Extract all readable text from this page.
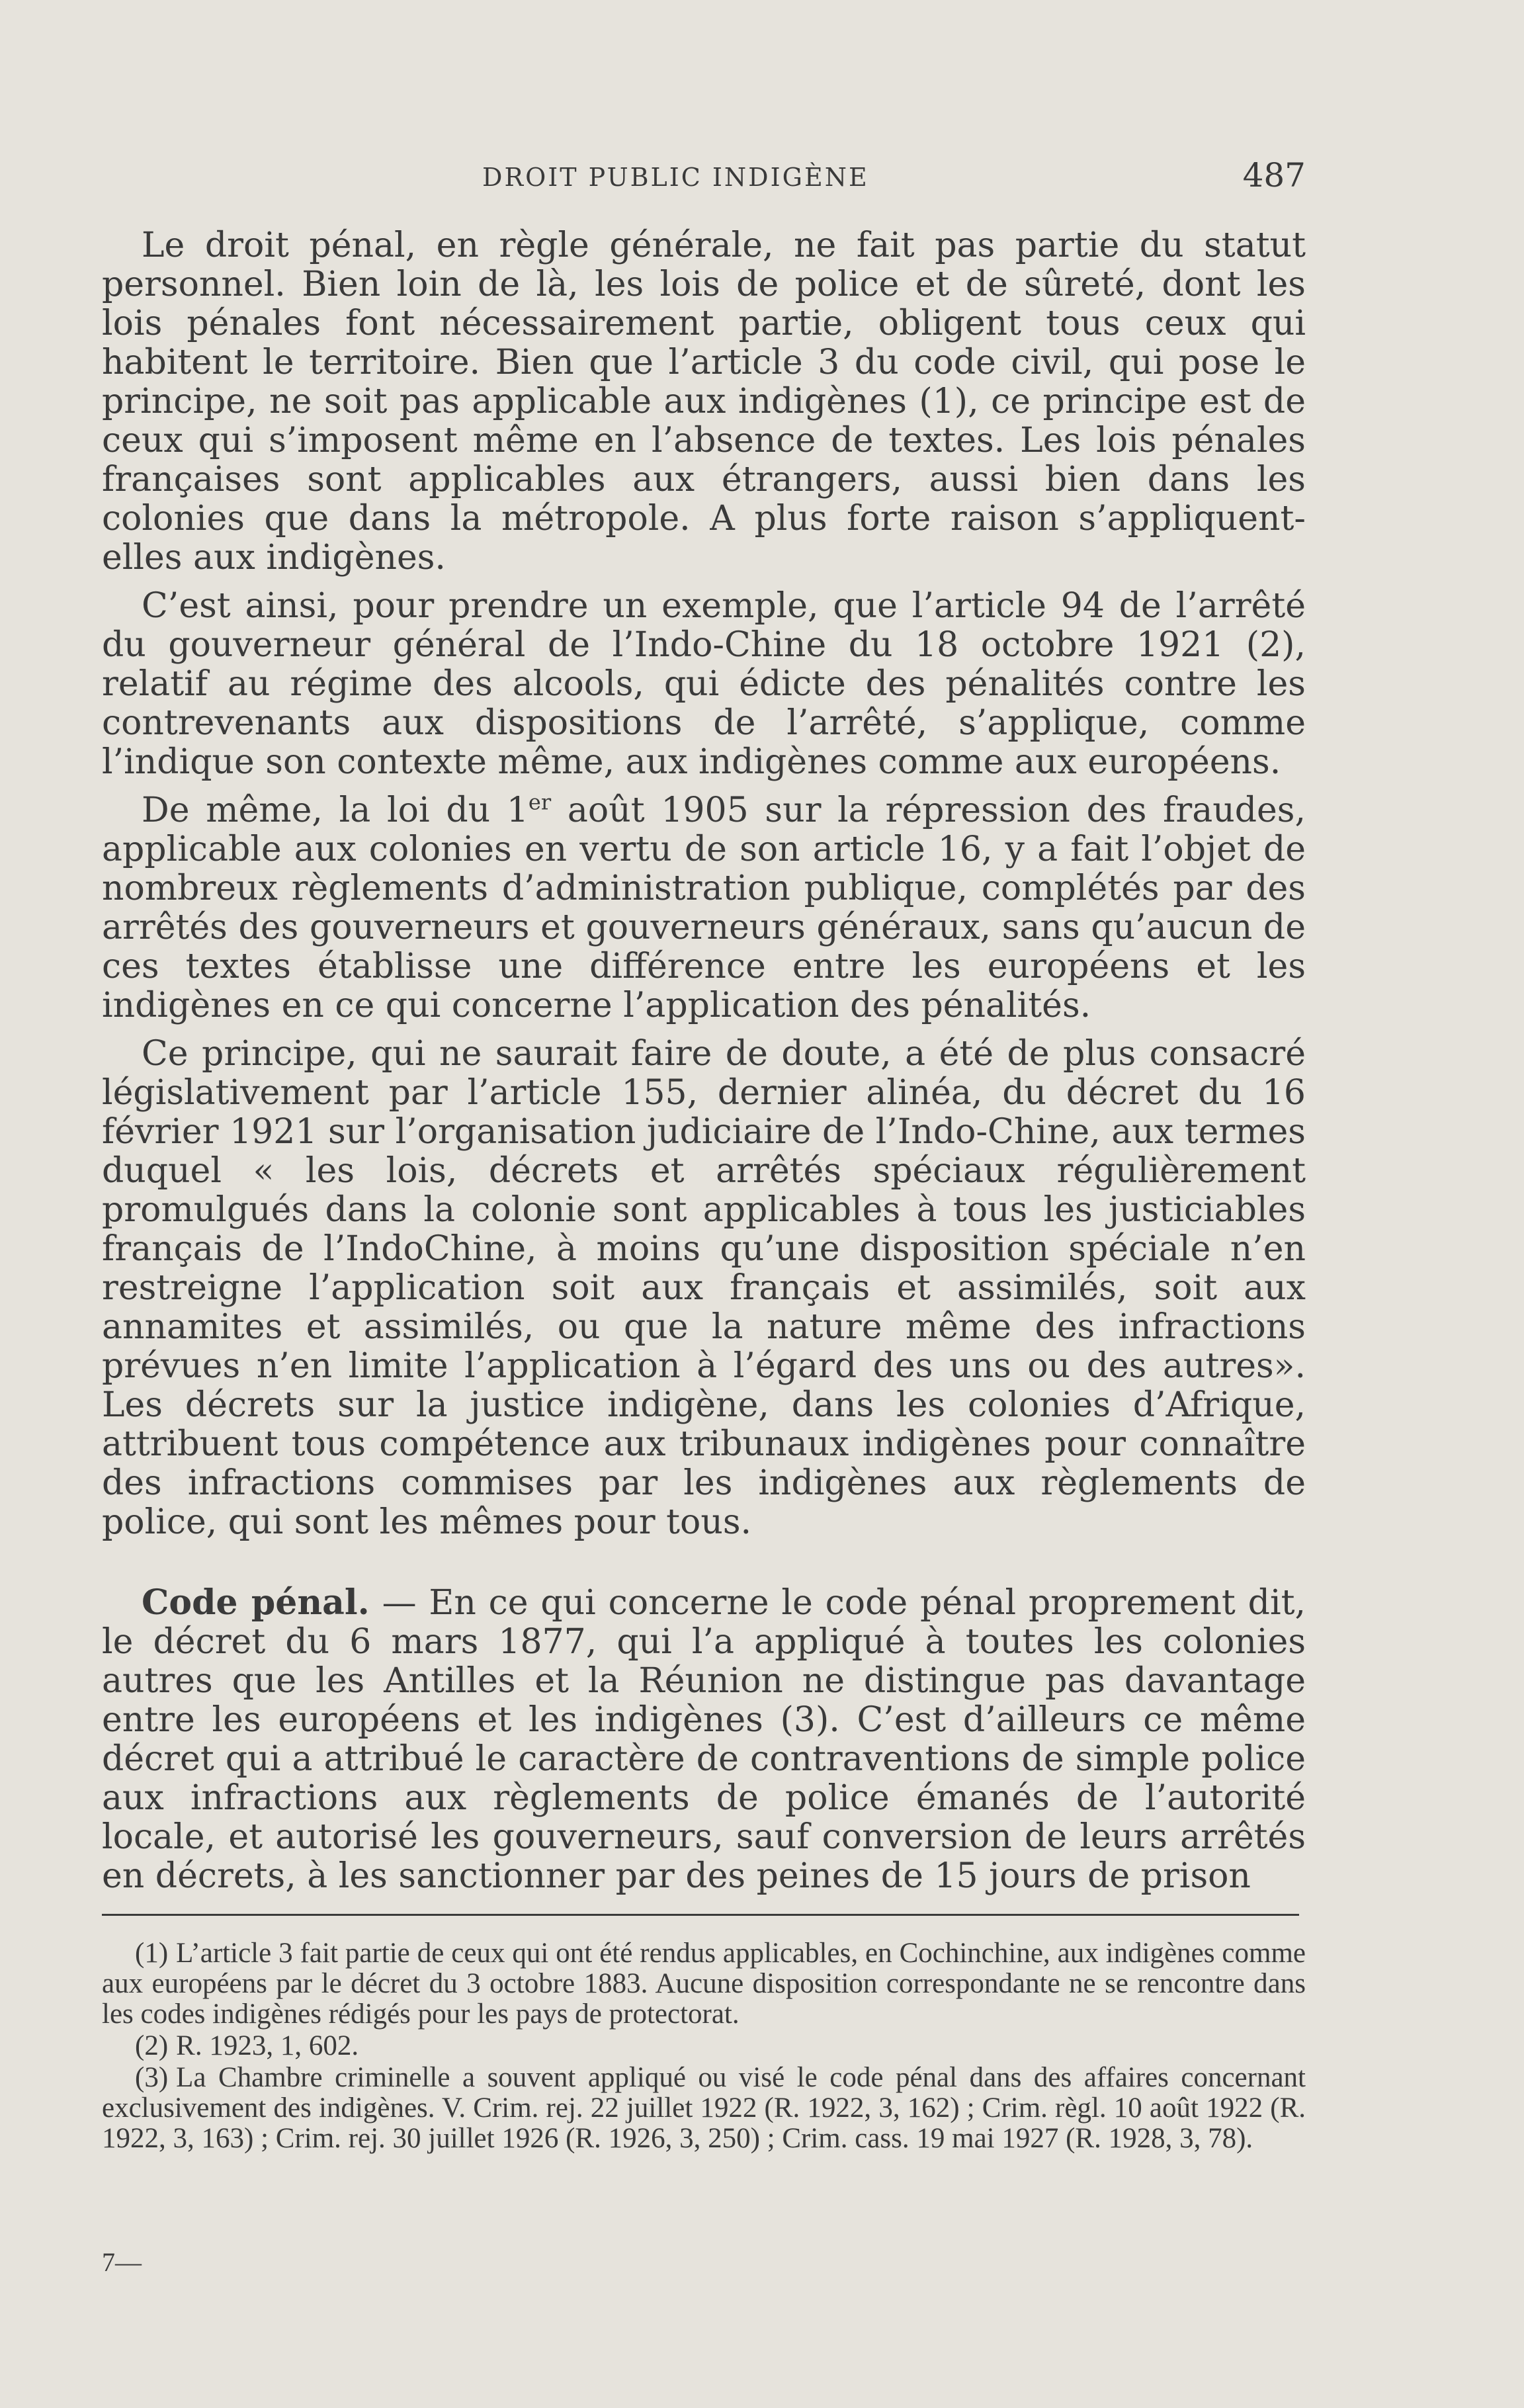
DROIT PUBLIC INDIGÈNE	487

Le droit pénal, en règle générale, ne fait pas partie du statut personnel. Bien loin de là, les lois de police et de sûreté, dont les lois pénales font nécessairement partie, obligent tous ceux qui habitent le territoire. Bien que l’article 3 du code civil, qui pose le principe, ne soit pas applicable aux indigènes (1), ce principe est de ceux qui s’imposent même en l’absence de textes. Les lois pénales françaises sont applicables aux étrangers, aussi bien dans les colonies que dans la métropole. A plus forte raison s’appliquent-elles aux indigènes.

C’est ainsi, pour prendre un exemple, que l’article 94 de l’arrêté du gouverneur général de l’Indo-Chine du 18 octobre 1921 (2), relatif au régime des alcools, qui édicte des pénalités contre les contrevenants aux dispositions de l’arrêté, s’applique, comme l’indique son contexte même, aux indigènes comme aux européens.

De même, la loi du 1er août 1905 sur la répression des fraudes, applicable aux colonies en vertu de son article 16, y a fait l’objet de nombreux règlements d’administration publique, complétés par des arrêtés des gouverneurs et gouverneurs généraux, sans qu’aucun de ces textes établisse une différence entre les européens et les indigènes en ce qui concerne l’application des pénalités.

Ce principe, qui ne saurait faire de doute, a été de plus consacré législativement par l’article 155, dernier alinéa, du décret du 16 février 1921 sur l’organisation judiciaire de l’Indo-Chine, aux termes duquel « les lois, décrets et arrêtés spéciaux régulièrement promulgués dans la colonie sont applicables à tous les justiciables français de l’IndoChine, à moins qu’une disposition spéciale n’en restreigne l’application soit aux français et assimilés, soit aux annamites et assimilés, ou que la nature même des infractions prévues n’en limite l’application à l’égard des uns ou des autres». Les décrets sur la justice indigène, dans les colonies d’Afrique, attribuent tous compétence aux tribunaux indigènes pour connaître des infractions commises par les indigènes aux règlements de police, qui sont les mêmes pour tous.

Code pénal. — En ce qui concerne le code pénal proprement dit, le décret du 6 mars 1877, qui l’a appliqué à toutes les colonies autres que les Antilles et la Réunion ne distingue pas davantage entre les européens et les indigènes (3). C’est d’ailleurs ce même décret qui a attribué le caractère de contraventions de simple police aux infractions aux règlements de police émanés de l’autorité locale, et autorisé les gouverneurs, sauf conversion de leurs arrêtés en décrets, à les sanctionner par des peines de 15 jours de prison

(1) L’article 3 fait partie de ceux qui ont été rendus applicables, en Cochinchine, aux indigènes comme aux européens par le décret du 3 octobre 1883. Aucune disposition correspondante ne se rencontre dans les codes indigènes rédigés pour les pays de protectorat.

(2) R. 1923, 1, 602.

(3) La Chambre criminelle a souvent appliqué ou visé le code pénal dans des affaires concernant exclusivement des indigènes. V. Crim. rej. 22 juillet 1922 (R. 1922, 3, 162) ; Crim. règl. 10 août 1922 (R. 1922, 3, 163) ; Crim. rej. 30 juillet 1926 (R. 1926, 3, 250) ; Crim. cass. 19 mai 1927 (R. 1928, 3, 78).

7—
